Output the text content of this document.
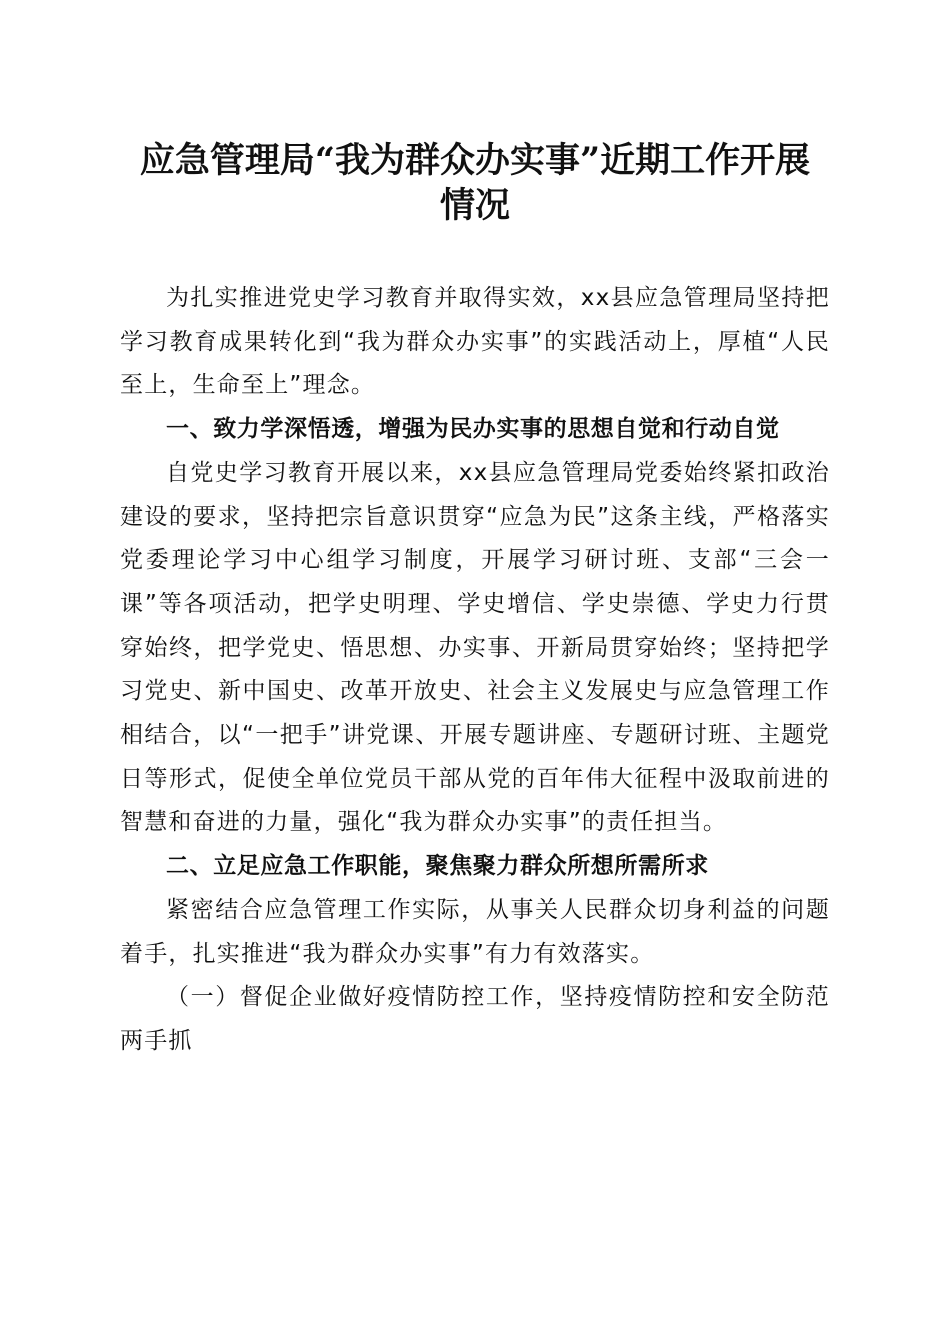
应急管理局“我为群众办实事”近期工作开展
情况

为扎实推进党史学习教育并取得实效，xx县应急管理局坚持把学习教育成果转化到“我为群众办实事”的实践活动上，厚植“人民至上，生命至上”理念。

一、致力学深悟透，增强为民办实事的思想自觉和行动自觉

自党史学习教育开展以来，xx县应急管理局党委始终紧扣政治建设的要求，坚持把宗旨意识贯穿“应急为民”这条主线，严格落实党委理论学习中心组学习制度，开展学习研讨班、支部“三会一课”等各项活动，把学史明理、学史增信、学史崇德、学史力行贯穿始终，把学党史、悟思想、办实事、开新局贯穿始终；坚持把学习党史、新中国史、改革开放史、社会主义发展史与应急管理工作相结合，以“一把手”讲党课、开展专题讲座、专题研讨班、主题党日等形式，促使全单位党员干部从党的百年伟大征程中汲取前进的智慧和奋进的力量，强化“我为群众办实事”的责任担当。

二、立足应急工作职能，聚焦聚力群众所想所需所求

紧密结合应急管理工作实际，从事关人民群众切身利益的问题着手，扎实推进“我为群众办实事”有力有效落实。

（一）督促企业做好疫情防控工作，坚持疫情防控和安全防范两手抓
